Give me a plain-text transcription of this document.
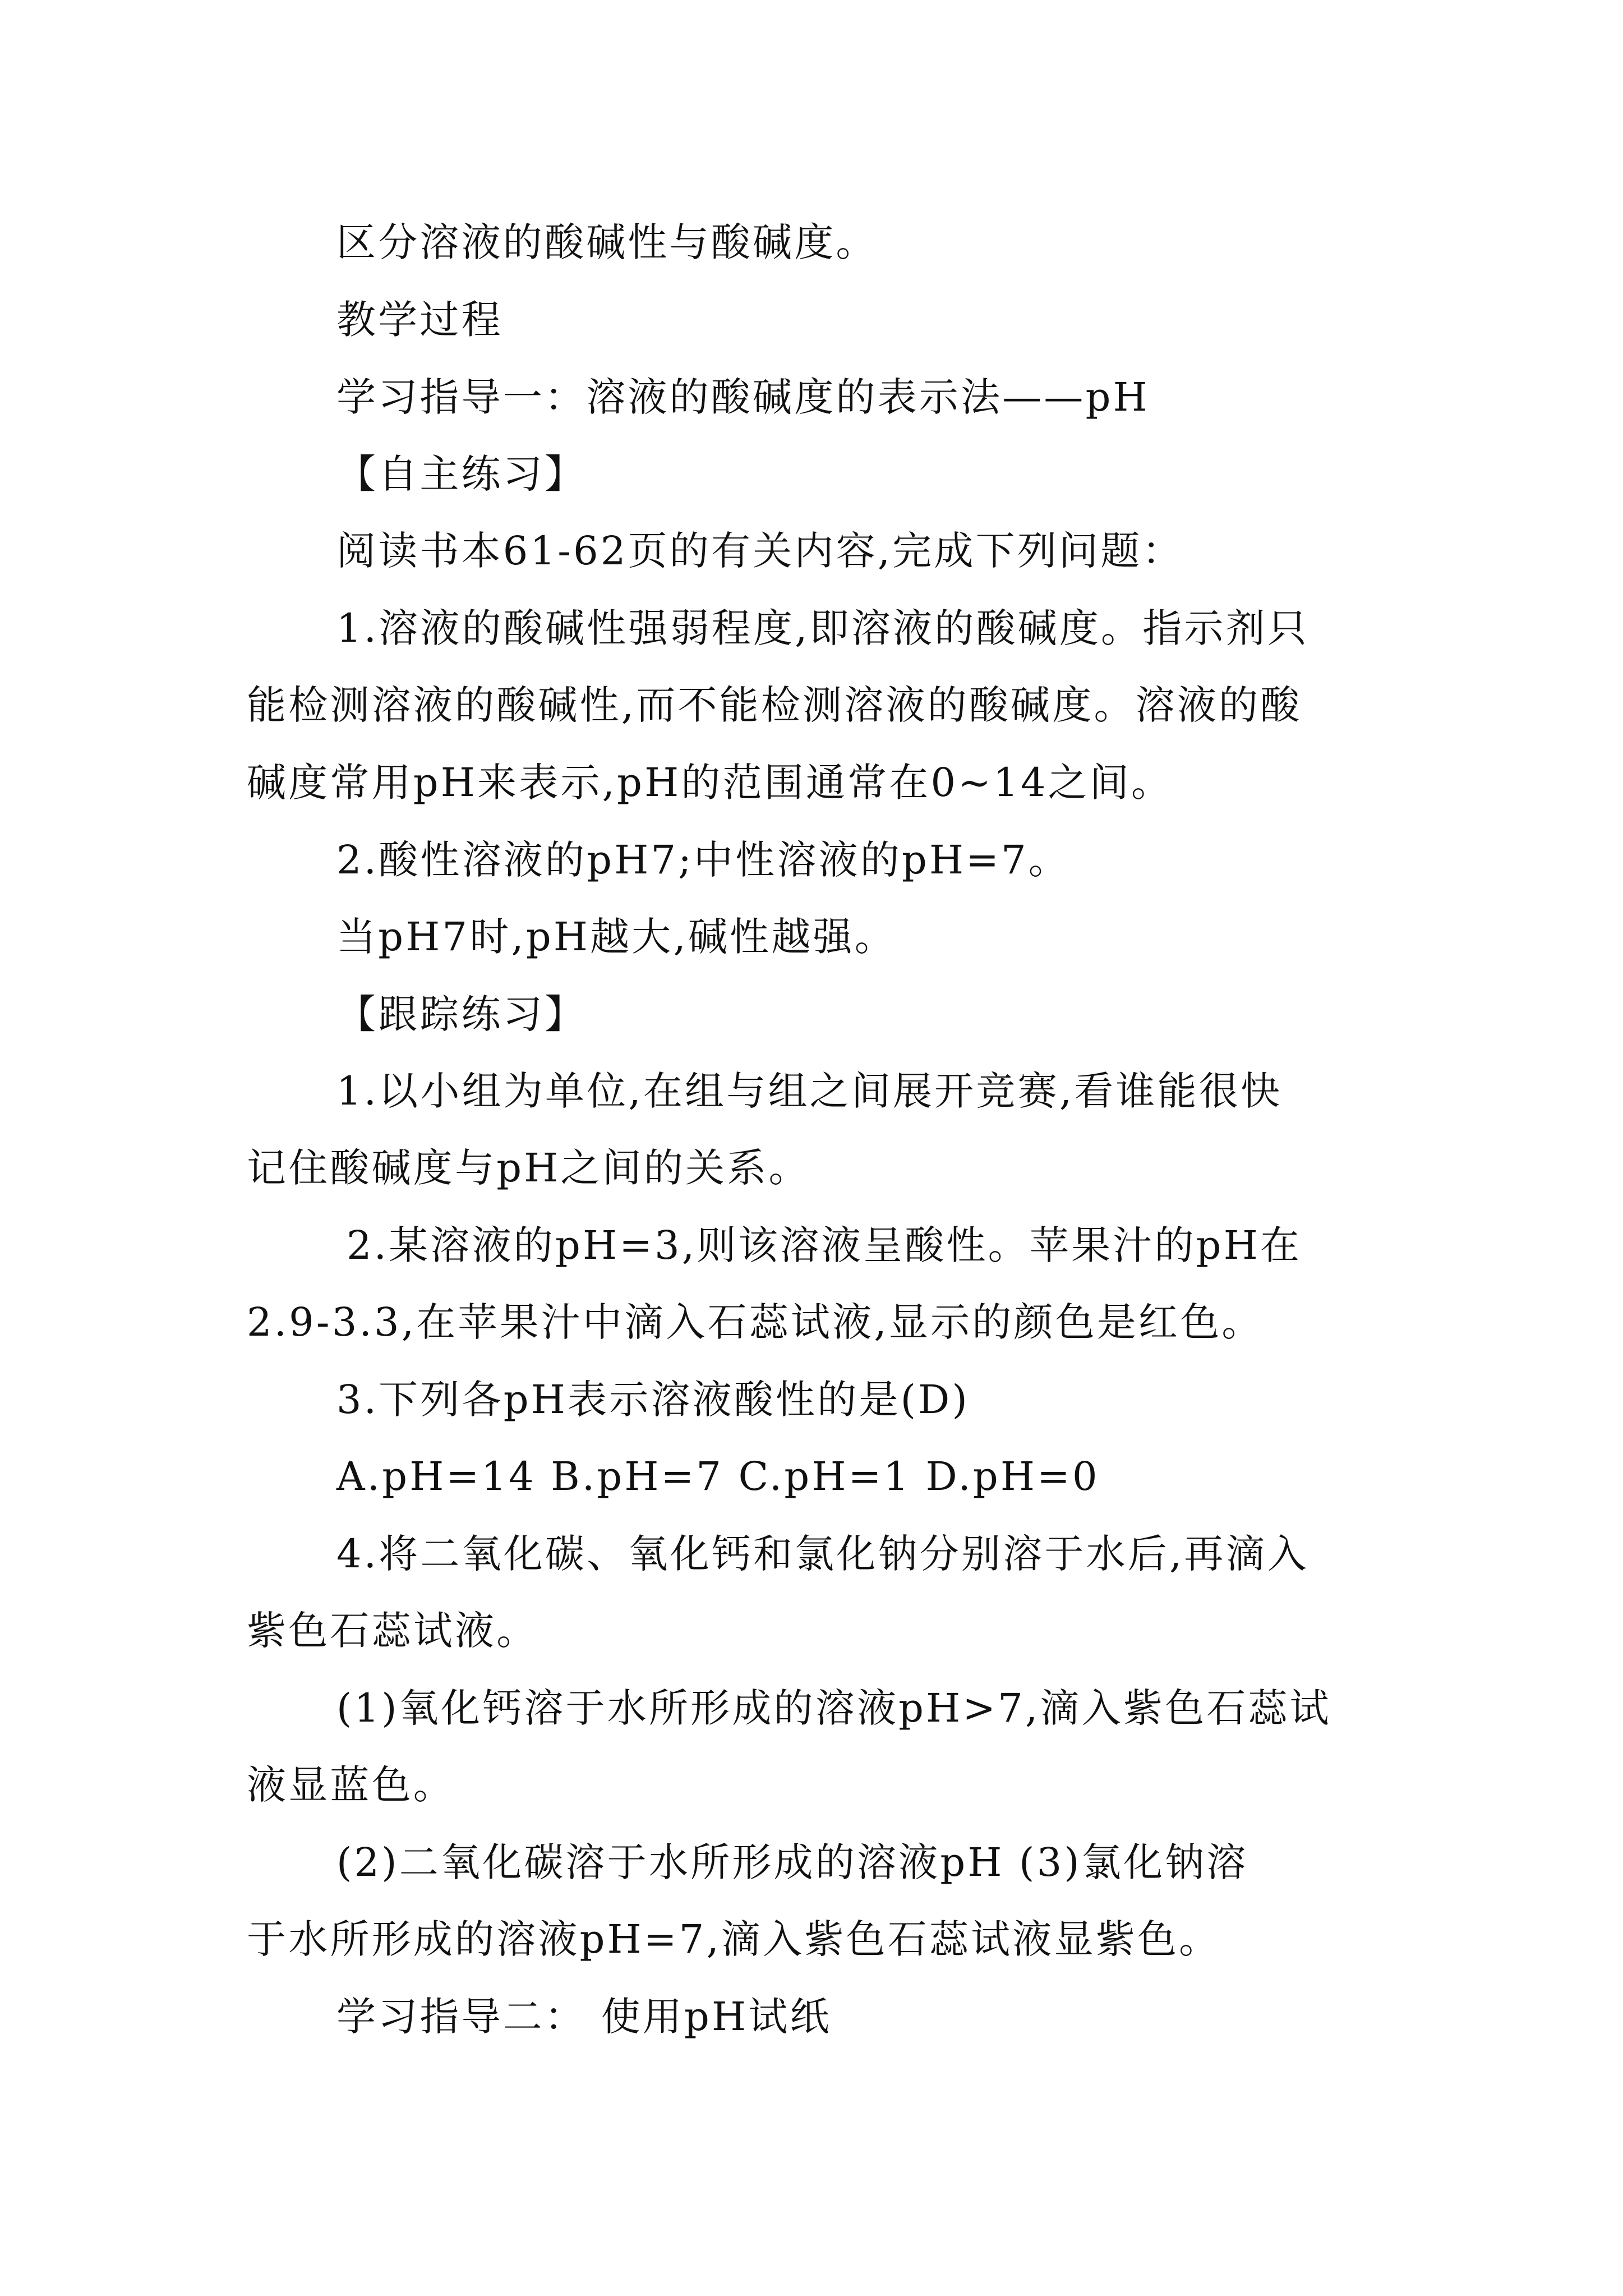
区分溶液的酸碱性与酸碱度。

教学过程

学习指导一：溶液的酸碱度的表示法——pH

【自主练习】

阅读书本61-62页的有关内容,完成下列问题：

1.溶液的酸碱性强弱程度,即溶液的酸碱度。指示剂只

能检测溶液的酸碱性,而不能检测溶液的酸碱度。溶液的酸

碱度常用pH来表示,pH的范围通常在0~14之间。

2.酸性溶液的pH7;中性溶液的pH=7。

当pH7时,pH越大,碱性越强。

【跟踪练习】

1.以小组为单位,在组与组之间展开竞赛,看谁能很快

记住酸碱度与pH之间的关系。

2.某溶液的pH=3,则该溶液呈酸性。苹果汁的pH在

2.9-3.3,在苹果汁中滴入石蕊试液,显示的颜色是红色。

3.下列各pH表示溶液酸性的是(D)

A.pH=14 B.pH=7 C.pH=1 D.pH=0

4.将二氧化碳、氧化钙和氯化钠分别溶于水后,再滴入

紫色石蕊试液。

(1)氧化钙溶于水所形成的溶液pH>7,滴入紫色石蕊试

液显蓝色。

(2)二氧化碳溶于水所形成的溶液pH (3)氯化钠溶

于水所形成的溶液pH=7,滴入紫色石蕊试液显紫色。

学习指导二： 使用pH试纸
